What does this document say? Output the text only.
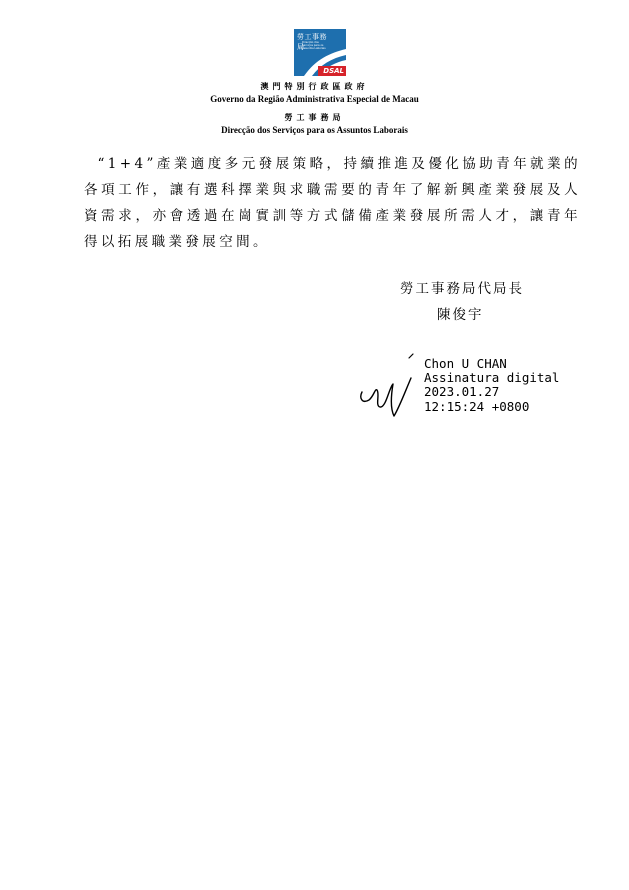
勞工事務局
Direcção dos Serviços para os Assuntos Laborais
DSAL
澳門特別行政區政府
Governo da Região Administrativa Especial de Macau
勞工事務局
Direcção dos Serviços para os Assuntos Laborais

“1+4”產業適度多元發展策略，持續推進及優化協助青年就業的各項工作，讓有選科擇業與求職需要的青年了解新興產業發展及人資需求，亦會透過在崗實訓等方式儲備產業發展所需人才，讓青年得以拓展職業發展空間。

勞工事務局代局長
陳俊宇
Chon U CHAN
Assinatura digital
2023.01.27
12:15:24 +0800
